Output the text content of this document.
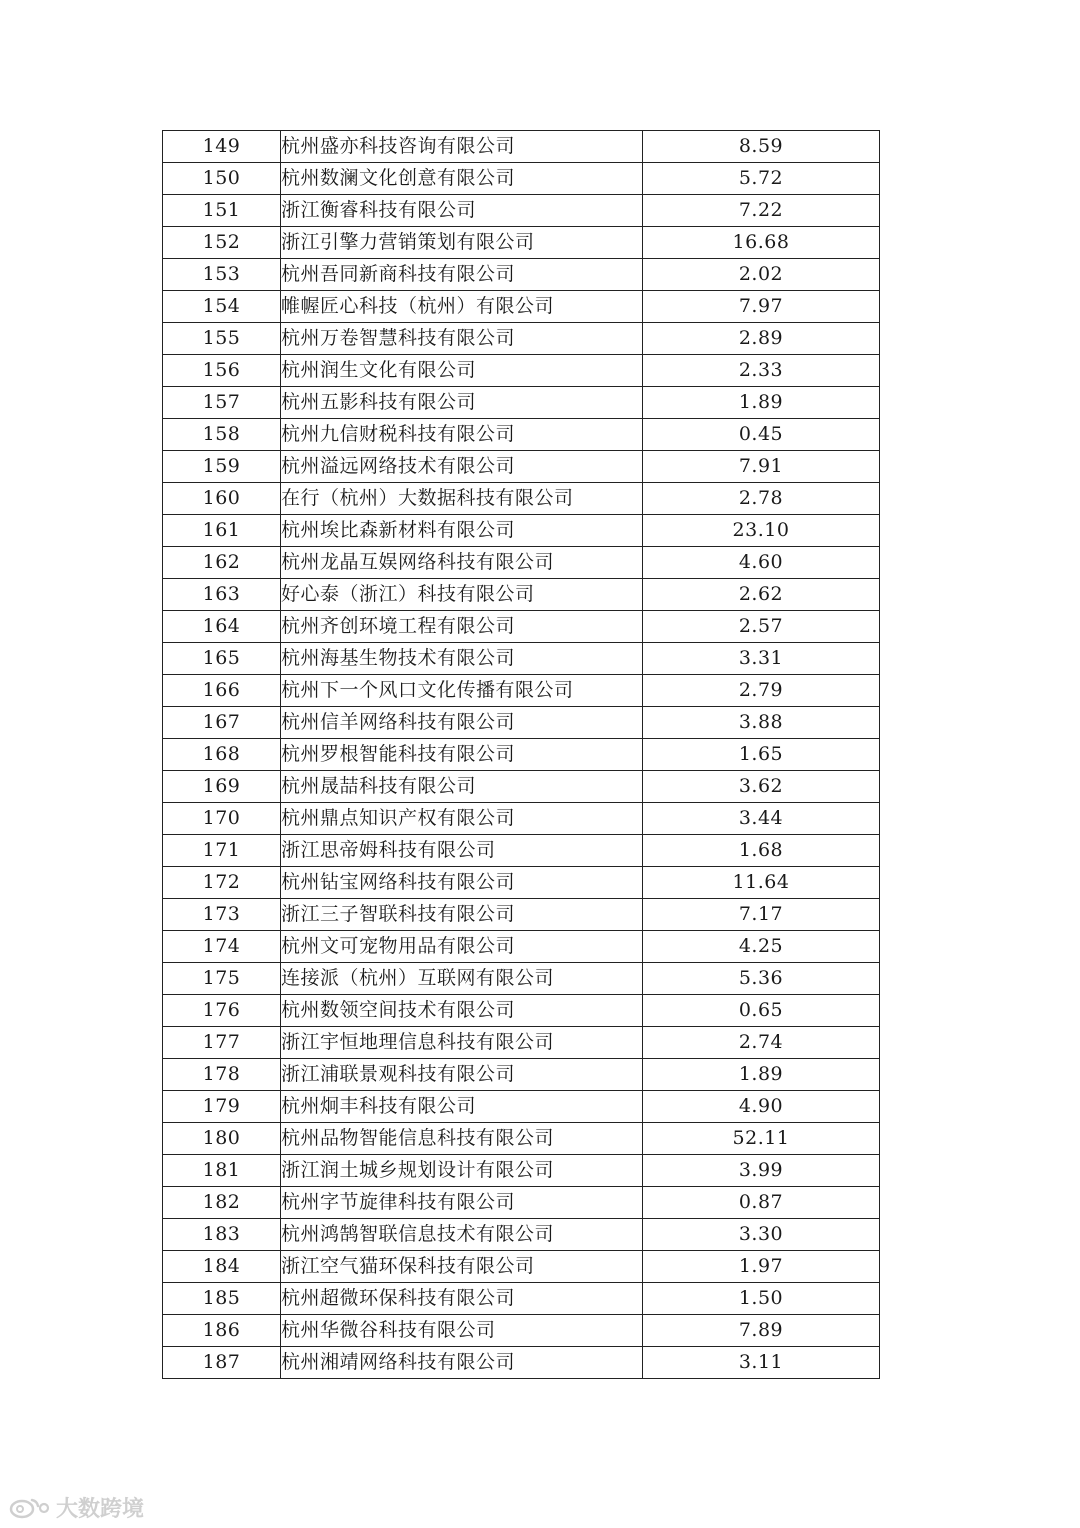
149	杭州盛亦科技咨询有限公司	8.59
150	杭州数澜文化创意有限公司	5.72
151	浙江衡睿科技有限公司	7.22
152	浙江引擎力营销策划有限公司	16.68
153	杭州吾同新商科技有限公司	2.02
154	帷幄匠心科技（杭州）有限公司	7.97
155	杭州万卷智慧科技有限公司	2.89
156	杭州润生文化有限公司	2.33
157	杭州五影科技有限公司	1.89
158	杭州九信财税科技有限公司	0.45
159	杭州溢远网络技术有限公司	7.91
160	在行（杭州）大数据科技有限公司	2.78
161	杭州埃比森新材料有限公司	23.10
162	杭州龙晶互娱网络科技有限公司	4.60
163	好心泰（浙江）科技有限公司	2.62
164	杭州齐创环境工程有限公司	2.57
165	杭州海基生物技术有限公司	3.31
166	杭州下一个风口文化传播有限公司	2.79
167	杭州信羊网络科技有限公司	3.88
168	杭州罗根智能科技有限公司	1.65
169	杭州晟喆科技有限公司	3.62
170	杭州鼎点知识产权有限公司	3.44
171	浙江思帝姆科技有限公司	1.68
172	杭州钻宝网络科技有限公司	11.64
173	浙江三子智联科技有限公司	7.17
174	杭州文可宠物用品有限公司	4.25
175	连接派（杭州）互联网有限公司	5.36
176	杭州数领空间技术有限公司	0.65
177	浙江宇恒地理信息科技有限公司	2.74
178	浙江浦联景观科技有限公司	1.89
179	杭州炯丰科技有限公司	4.90
180	杭州品物智能信息科技有限公司	52.11
181	浙江润土城乡规划设计有限公司	3.99
182	杭州字节旋律科技有限公司	0.87
183	杭州鸿鹄智联信息技术有限公司	3.30
184	浙江空气猫环保科技有限公司	1.97
185	杭州超微环保科技有限公司	1.50
186	杭州华微谷科技有限公司	7.89
187	杭州湘靖网络科技有限公司	3.11
大数跨境
